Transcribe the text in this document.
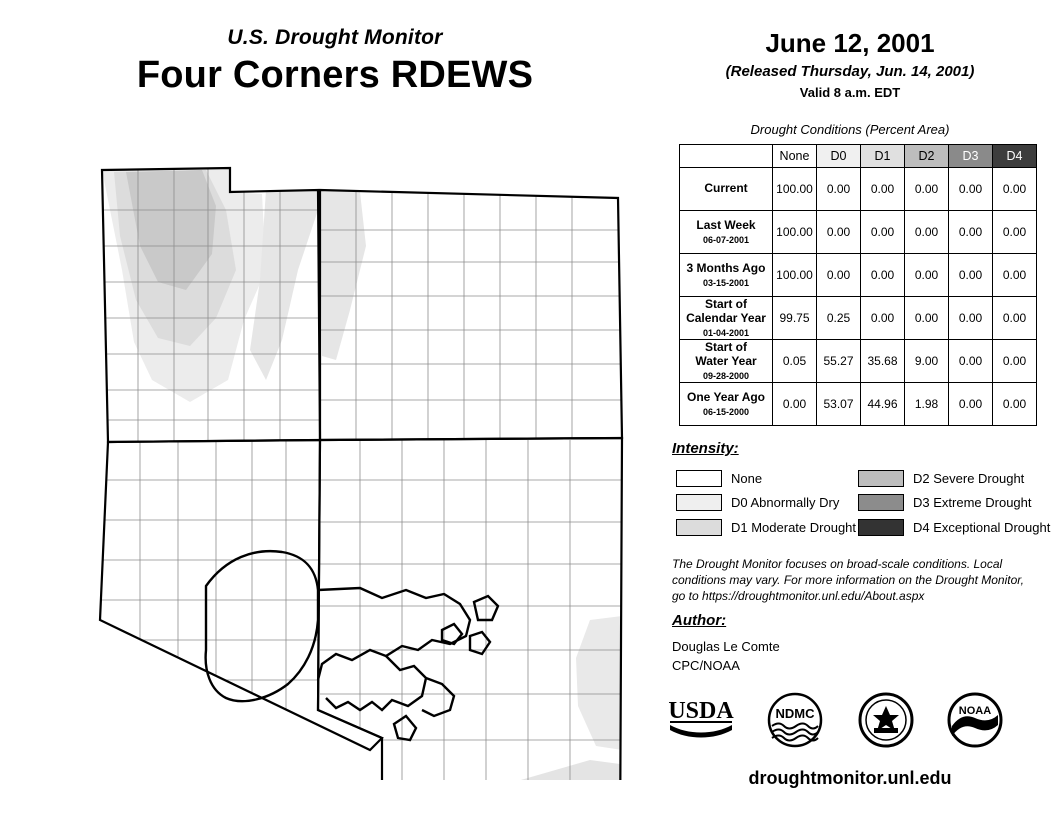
U.S. Drought Monitor
Four Corners RDEWS
June 12, 2001
(Released Thursday, Jun. 14, 2001)
Valid 8 a.m. EDT
Drought Conditions (Percent Area)
	None	D0	D1	D2	D3	D4
Current	100.00	0.00	0.00	0.00	0.00	0.00
Last Week
06-07-2001	100.00	0.00	0.00	0.00	0.00	0.00
3 Months Ago
03-15-2001	100.00	0.00	0.00	0.00	0.00	0.00
Start of
Calendar Year
01-04-2001	99.75	0.25	0.00	0.00	0.00	0.00
Start of
Water Year
09-28-2000	0.05	55.27	35.68	9.00	0.00	0.00
One Year Ago
06-15-2000	0.00	53.07	44.96	1.98	0.00	0.00
Intensity:
None
D0 Abnormally Dry
D1 Moderate Drought
D2 Severe Drought
D3 Extreme Drought
D4 Exceptional Drought
The Drought Monitor focuses on broad-scale conditions. Local conditions may vary. For more information on the Drought Monitor, go to https://droughtmonitor.unl.edu/About.aspx
Author:
Douglas Le Comte
CPC/NOAA
USDA	NDMC	NOAA
droughtmonitor.unl.edu
